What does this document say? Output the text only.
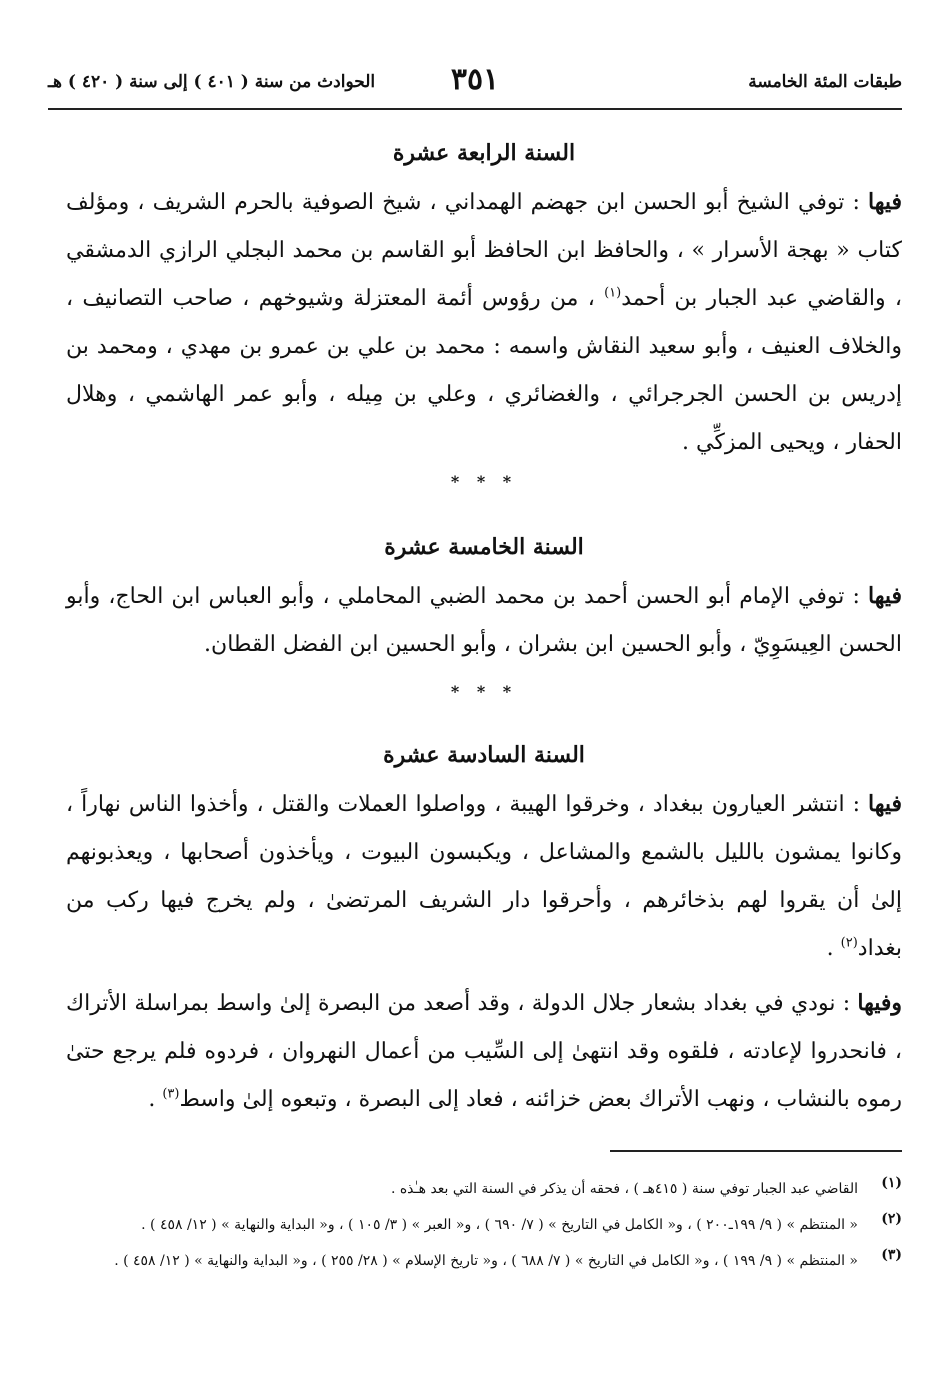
طبقات المئة الخامسة
٣٥١
الحوادث من سنة ( ٤٠١ ) إلى سنة ( ٤٢٠ ) هـ
السنة الرابعة عشرة

فيها : توفي الشيخ أبو الحسن ابن جهضم الهمداني ، شيخ الصوفية بالحرم الشريف ، ومؤلف كتاب « بهجة الأسرار » ، والحافظ ابن الحافظ أبو القاسم بن محمد البجلي الرازي الدمشقي ، والقاضي عبد الجبار بن أحمد$^{(١)}$ ، من رؤوس أئمة المعتزلة وشيوخهم ، صاحب التصانيف ، والخلاف العنيف ، وأبو سعيد النقاش واسمه : محمد بن علي بن عمرو بن مهدي ، ومحمد بن إدريس بن الحسن الجرجرائي ، والغضائري ، وعلي بن مِيله ، وأبو عمر الهاشمي ، وهلال الحفار ، ويحيى المزكِّي .

* * *
السنة الخامسة عشرة

فيها : توفي الإمام أبو الحسن أحمد بن محمد الضبي المحاملي ، وأبو العباس ابن الحاج، وأبو الحسن العِيسَوِيّ ، وأبو الحسين ابن بشران ، وأبو الحسين ابن الفضل القطان.

* * *
السنة السادسة عشرة

فيها : انتشر العيارون ببغداد ، وخرقوا الهيبة ، وواصلوا العملات والقتل ، وأخذوا الناس نهاراً ، وكانوا يمشون بالليل بالشمع والمشاعل ، ويكبسون البيوت ، ويأخذون أصحابها ، ويعذبونهم إلىٰ أن يقروا لهم بذخائرهم ، وأحرقوا دار الشريف المرتضىٰ ، ولم يخرج فيها ركب من بغداد$^{(٢)}$ .

وفيها : نودي في بغداد بشعار جلال الدولة ، وقد أصعد من البصرة إلىٰ واسط بمراسلة الأتراك ، فانحدروا لإعادته ، فلقوه وقد انتهىٰ إلى السِّيب من أعمال النهروان ، فردوه فلم يرجع حتىٰ رموه بالنشاب ، ونهب الأتراك بعض خزائنه ، فعاد إلى البصرة ، وتبعوه إلىٰ واسط$^{(٣)}$ .

(١)
القاضي عبد الجبار توفي سنة ( ٤١٥هـ ) ، فحقه أن يذكر في السنة التي بعد هـٰذه .
(٢)
« المنتظم » ( ٩/ ١٩٩ـ٢٠٠ ) ، و« الكامل في التاريخ » ( ٧/ ٦٩٠ ) ، و« العبر » ( ٣/ ١٠٥ ) ، و« البداية والنهاية » ( ١٢/ ٤٥٨ ) .
(٣)
« المنتظم » ( ٩/ ١٩٩ ) ، و« الكامل في التاريخ » ( ٧/ ٦٨٨ ) ، و« تاريخ الإسلام » ( ٢٨/ ٢٥٥ ) ، و« البداية والنهاية » ( ١٢/ ٤٥٨ ) .
